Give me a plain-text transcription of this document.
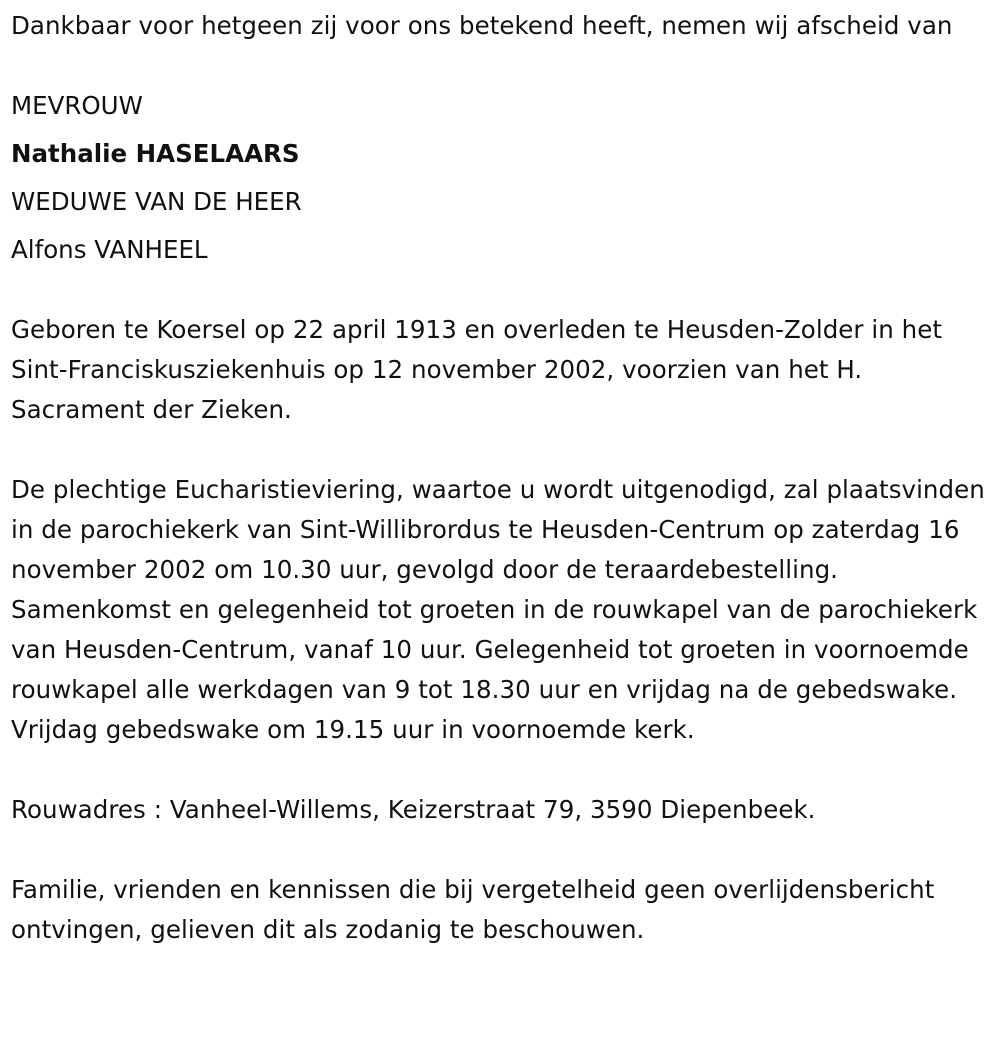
Dankbaar voor hetgeen zij voor ons betekend heeft, nemen wij afscheid van

MEVROUW
Nathalie HASELAARS
WEDUWE VAN DE HEER
Alfons VANHEEL

Geboren te Koersel op 22 april 1913 en overleden te Heusden-Zolder in het Sint-Franciskusziekenhuis op 12 november 2002, voorzien van het H. Sacrament der Zieken.

De plechtige Eucharistieviering, waartoe u wordt uitgenodigd, zal plaatsvinden in de parochiekerk van Sint-Willibrordus te Heusden-Centrum op zaterdag 16 november 2002 om 10.30 uur, gevolgd door de teraardebestelling. Samenkomst en gelegenheid tot groeten in de rouwkapel van de parochiekerk van Heusden-Centrum, vanaf 10 uur. Gelegenheid tot groeten in voornoemde rouwkapel alle werkdagen van 9 tot 18.30 uur en vrijdag na de gebedswake. Vrijdag gebedswake om 19.15 uur in voornoemde kerk.

Rouwadres : Vanheel-Willems, Keizerstraat 79, 3590 Diepenbeek.

Familie, vrienden en kennissen die bij vergetelheid geen overlijdensbericht ontvingen, gelieven dit als zodanig te beschouwen.
